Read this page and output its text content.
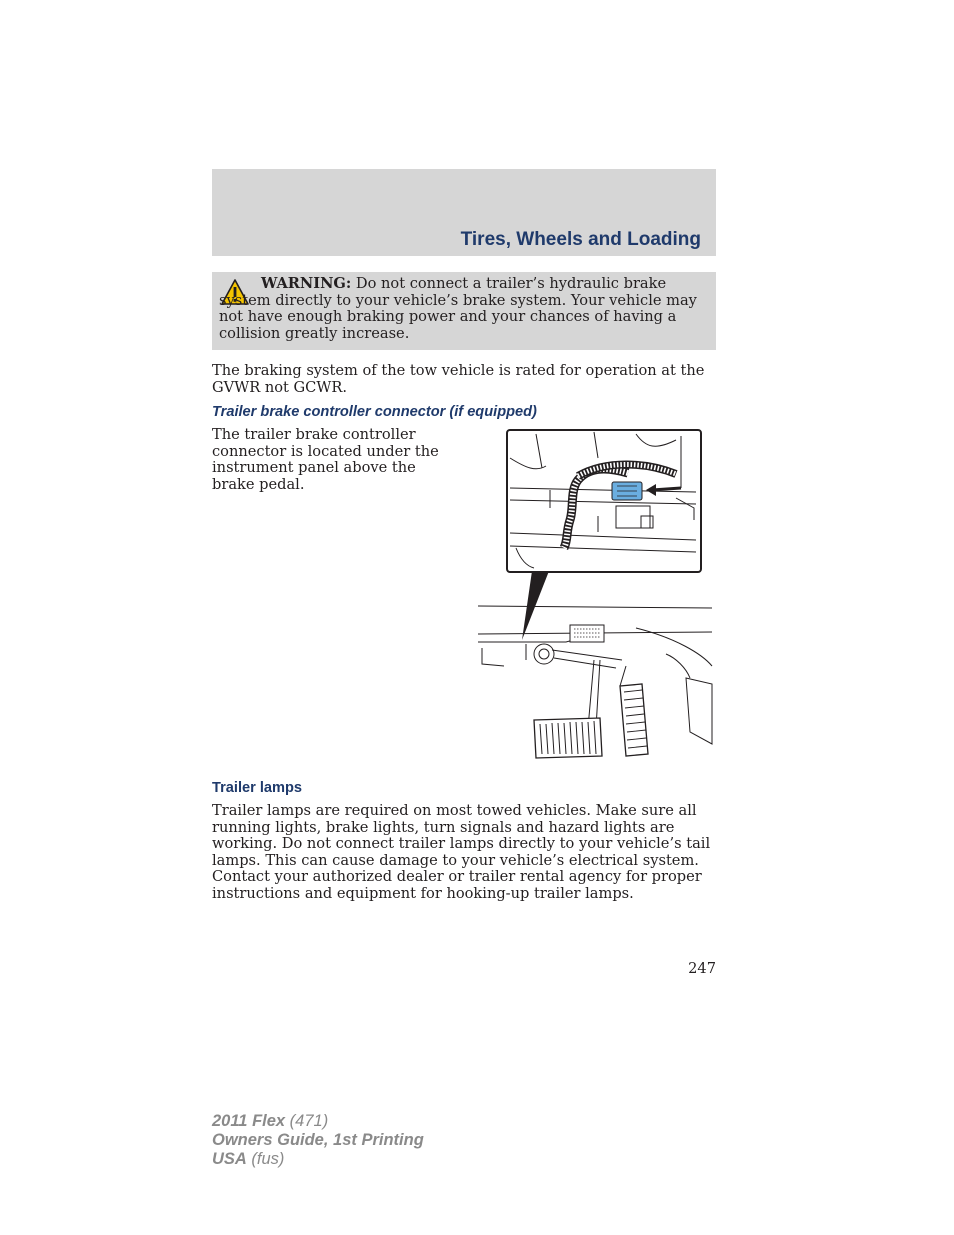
Tires, Wheels and Loading
WARNING: Do not connect a trailer’s hydraulic brake system directly to your vehicle’s brake system. Your vehicle may not have enough braking power and your chances of having a collision greatly increase.
The braking system of the tow vehicle is rated for operation at the GVWR not GCWR.
Trailer brake controller connector (if equipped)
The trailer brake controller connector is located under the instrument panel above the brake pedal.
Trailer lamps
Trailer lamps are required on most towed vehicles. Make sure all running lights, brake lights, turn signals and hazard lights are working. Do not connect trailer lamps directly to your vehicle’s tail lamps. This can cause damage to your vehicle’s electrical system. Contact your authorized dealer or trailer rental agency for proper instructions and equipment for hooking-up trailer lamps.
247
2011 Flex (471)
Owners Guide, 1st Printing
USA (fus)
